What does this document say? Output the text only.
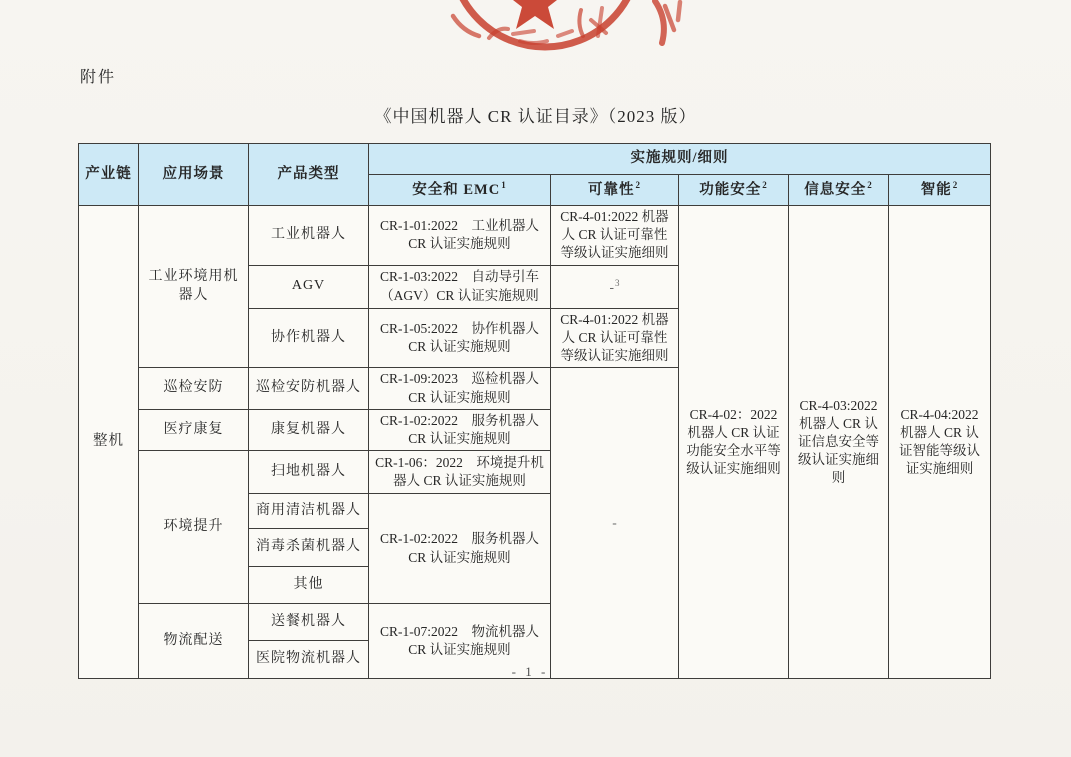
附件
《中国机器人 CR 认证目录》（2023 版）
产业链	应用场景	产品类型	实施规则/细则				
			安全和 EMC$^1$	可靠性$^2$	功能安全$^2$	信息安全$^2$	智能$^2$
整机	工业环境用机器人	工业机器人	CR-1-01:2022　工业机器人 CR 认证实施规则	CR-4-01:2022 机器人 CR 认证可靠性等级认证实施细则	CR-4-02：2022 机器人 CR 认证功能安全水平等级认证实施细则	CR-4-03:2022 机器人 CR 认证信息安全等级认证实施细则	CR-4-04:2022 机器人 CR 认证智能等级认证实施细则
		AGV	CR-1-03:2022　自动导引车（AGV）CR 认证实施规则	-$^3$
		协作机器人	CR-1-05:2022　协作机器人 CR 认证实施规则	CR-4-01:2022 机器人 CR 认证可靠性等级认证实施细则			
	巡检安防	巡检安防机器人	CR-1-09:2023　巡检机器人 CR 认证实施规则	-			
	医疗康复	康复机器人	CR-1-02:2022　服务机器人 CR 认证实施规则				
	环境提升	扫地机器人	CR-1-06：2022　环境提升机器人 CR 认证实施规则				
		商用清洁机器人	CR-1-02:2022　服务机器人 CR 认证实施规则				
		消毒杀菌机器人					
		其他					
	物流配送	送餐机器人	CR-1-07:2022　物流机器人 CR 认证实施规则				
		医院物流机器人					
- 1 -
